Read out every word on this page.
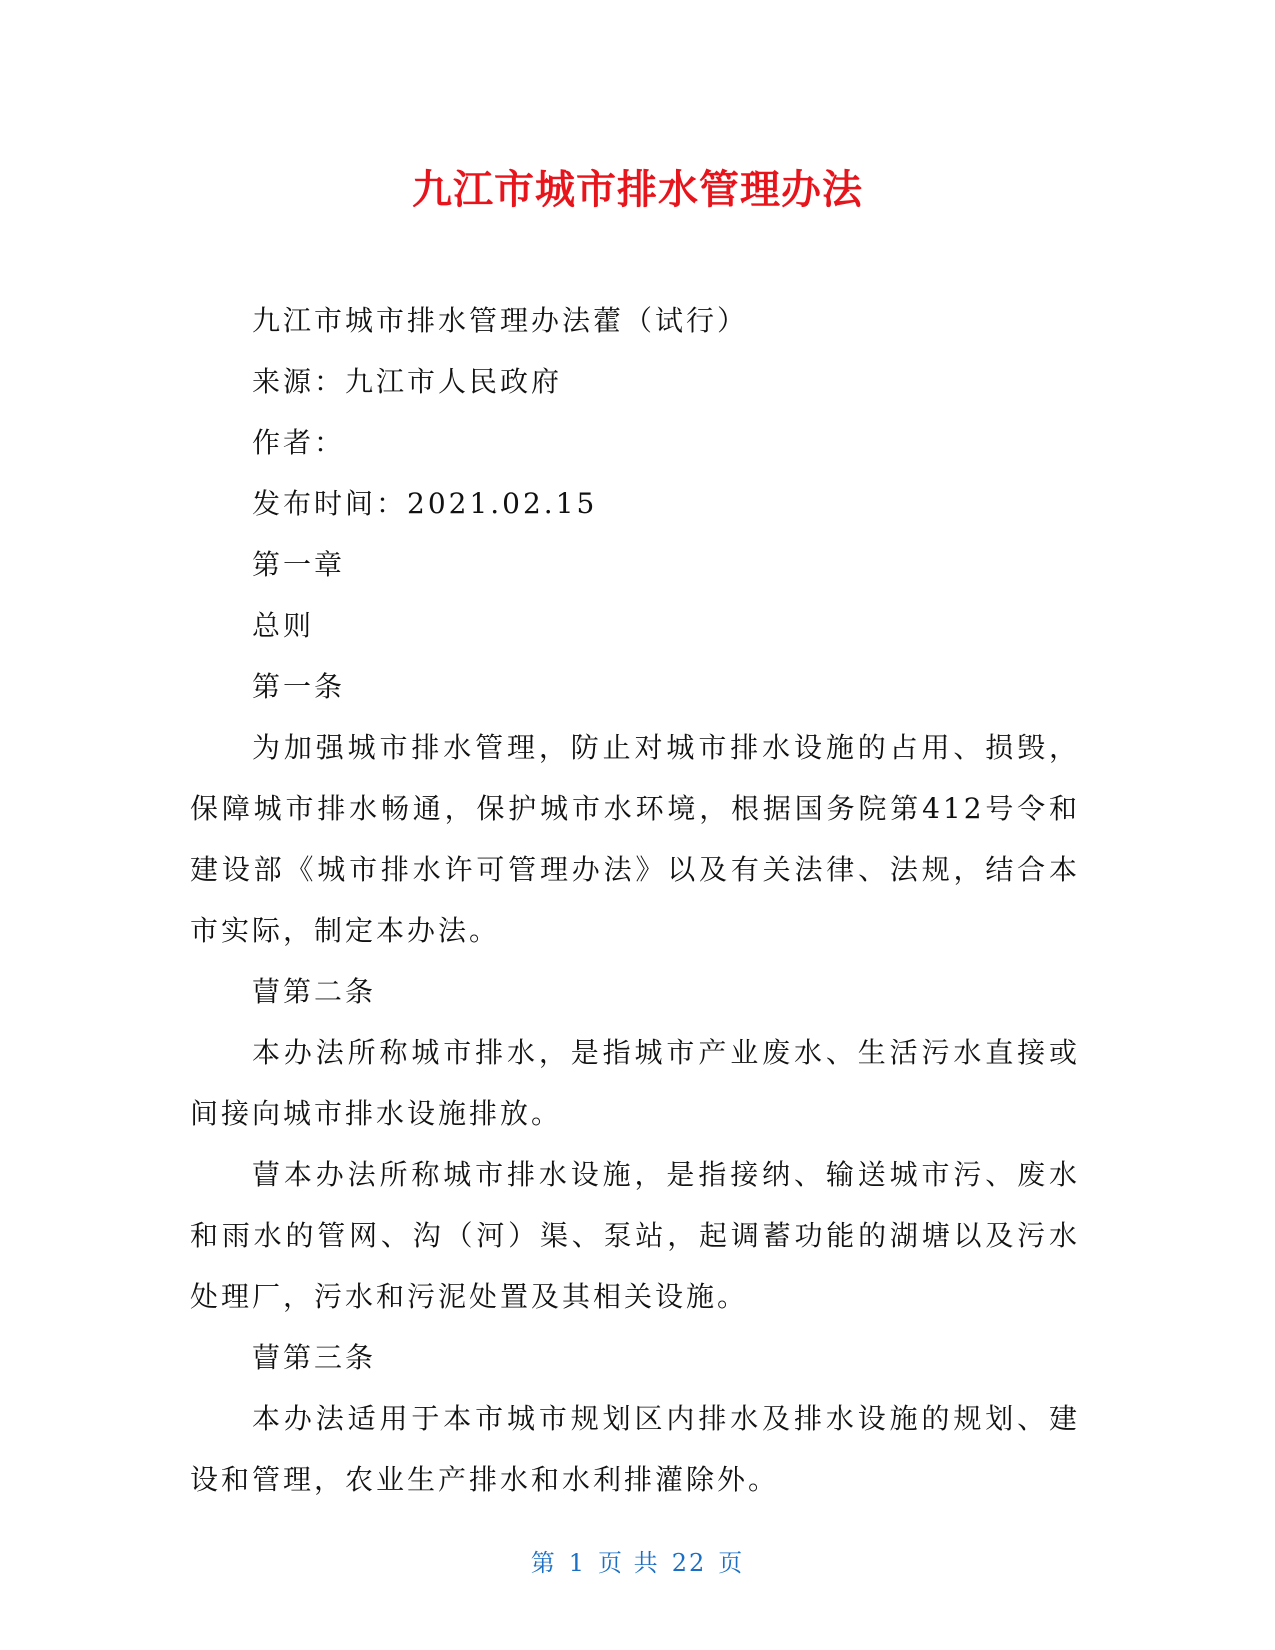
九江市城市排水管理办法

九江市城市排水管理办法藿（试行）

来源：九江市人民政府

作者：

发布时间：2021.02.15

第一章

总则

第一条

为加强城市排水管理，防止对城市排水设施的占用、损毁，保障城市排水畅通，保护城市水环境，根据国务院第412号令和建设部《城市排水许可管理办法》以及有关法律、法规，结合本市实际，制定本办法。

萺第二条

本办法所称城市排水，是指城市产业废水、生活污水直接或间接向城市排水设施排放。

萺本办法所称城市排水设施，是指接纳、输送城市污、废水和雨水的管网、沟（河）渠、泵站，起调蓄功能的湖塘以及污水处理厂，污水和污泥处置及其相关设施。

萺第三条

本办法适用于本市城市规划区内排水及排水设施的规划、建设和管理，农业生产排水和水利排灌除外。

第 1 页 共 22 页
